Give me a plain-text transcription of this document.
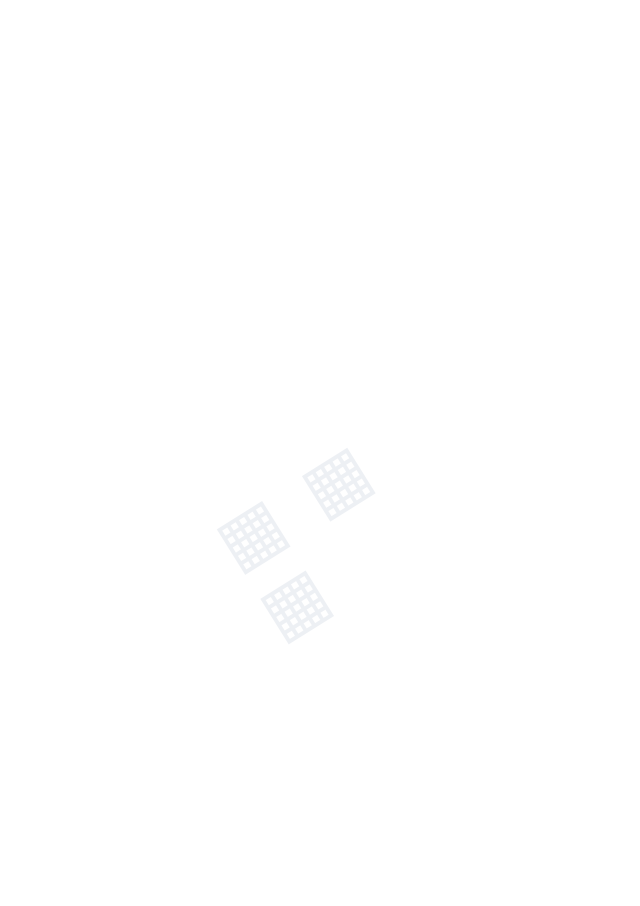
▦ ▦ ▦
